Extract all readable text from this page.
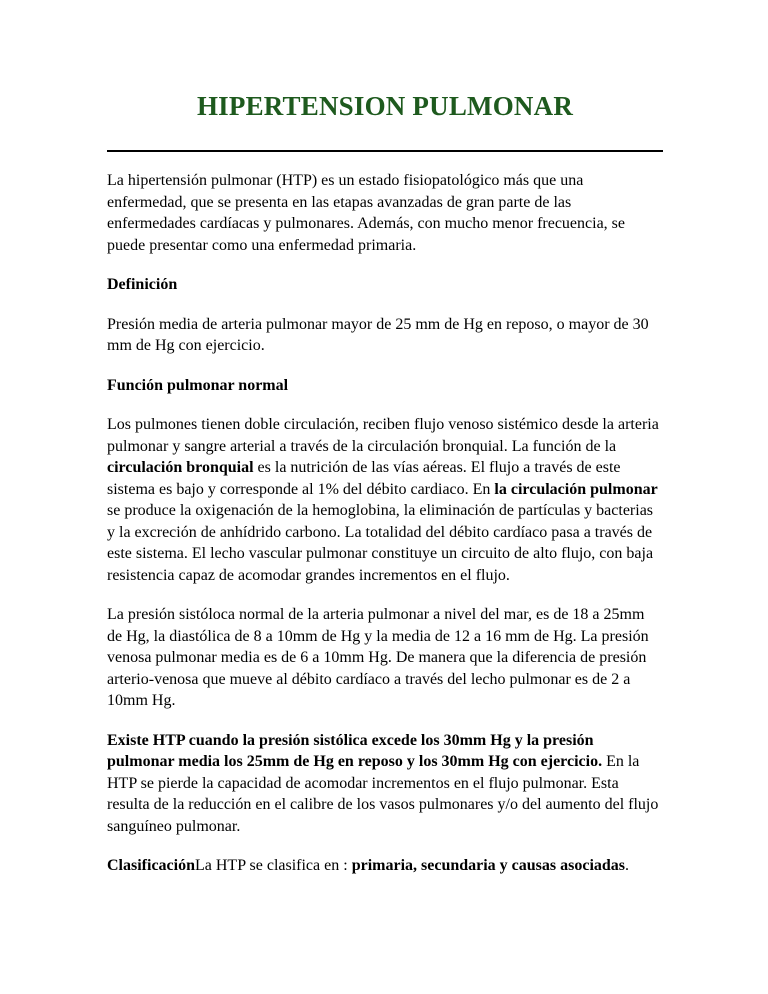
HIPERTENSION PULMONAR

La hipertensión pulmonar (HTP) es un estado fisiopatológico más que una enfermedad, que se presenta en las etapas avanzadas de gran parte de las enfermedades cardíacas y pulmonares. Además, con mucho menor frecuencia, se puede presentar como una enfermedad primaria.

Definición

Presión media de arteria pulmonar mayor de 25 mm de Hg en reposo, o mayor de 30 mm de Hg con ejercicio.

Función pulmonar normal

Los pulmones tienen doble circulación, reciben flujo venoso sistémico desde la arteria pulmonar y sangre arterial a través de la circulación bronquial. La función de la circulación bronquial es la nutrición de las vías aéreas. El flujo a través de este sistema es bajo y corresponde al 1% del débito cardiaco. En la circulación pulmonar se produce la oxigenación de la hemoglobina, la eliminación de partículas y bacterias y la excreción de anhídrido carbono. La totalidad del débito cardíaco pasa a través de este sistema. El lecho vascular pulmonar constituye un circuito de alto flujo, con baja resistencia capaz de acomodar grandes incrementos en el flujo.

La presión sistóloca normal de la arteria pulmonar a nivel del mar, es de 18 a 25mm de Hg, la diastólica de 8 a 10mm de Hg y la media de 12 a 16 mm de Hg. La presión venosa pulmonar media es de 6 a 10mm Hg. De manera que la diferencia de presión arterio-venosa que mueve al débito cardíaco a través del lecho pulmonar es de 2 a 10mm Hg.

Existe HTP cuando la presión sistólica excede los 30mm Hg y la presión pulmonar media los 25mm de Hg en reposo y los 30mm Hg con ejercicio. En la HTP se pierde la capacidad de acomodar incrementos en el flujo pulmonar. Esta resulta de la reducción en el calibre de los vasos pulmonares y/o del aumento del flujo sanguíneo pulmonar.

ClasificaciónLa HTP se clasifica en : primaria, secundaria y causas asociadas.
